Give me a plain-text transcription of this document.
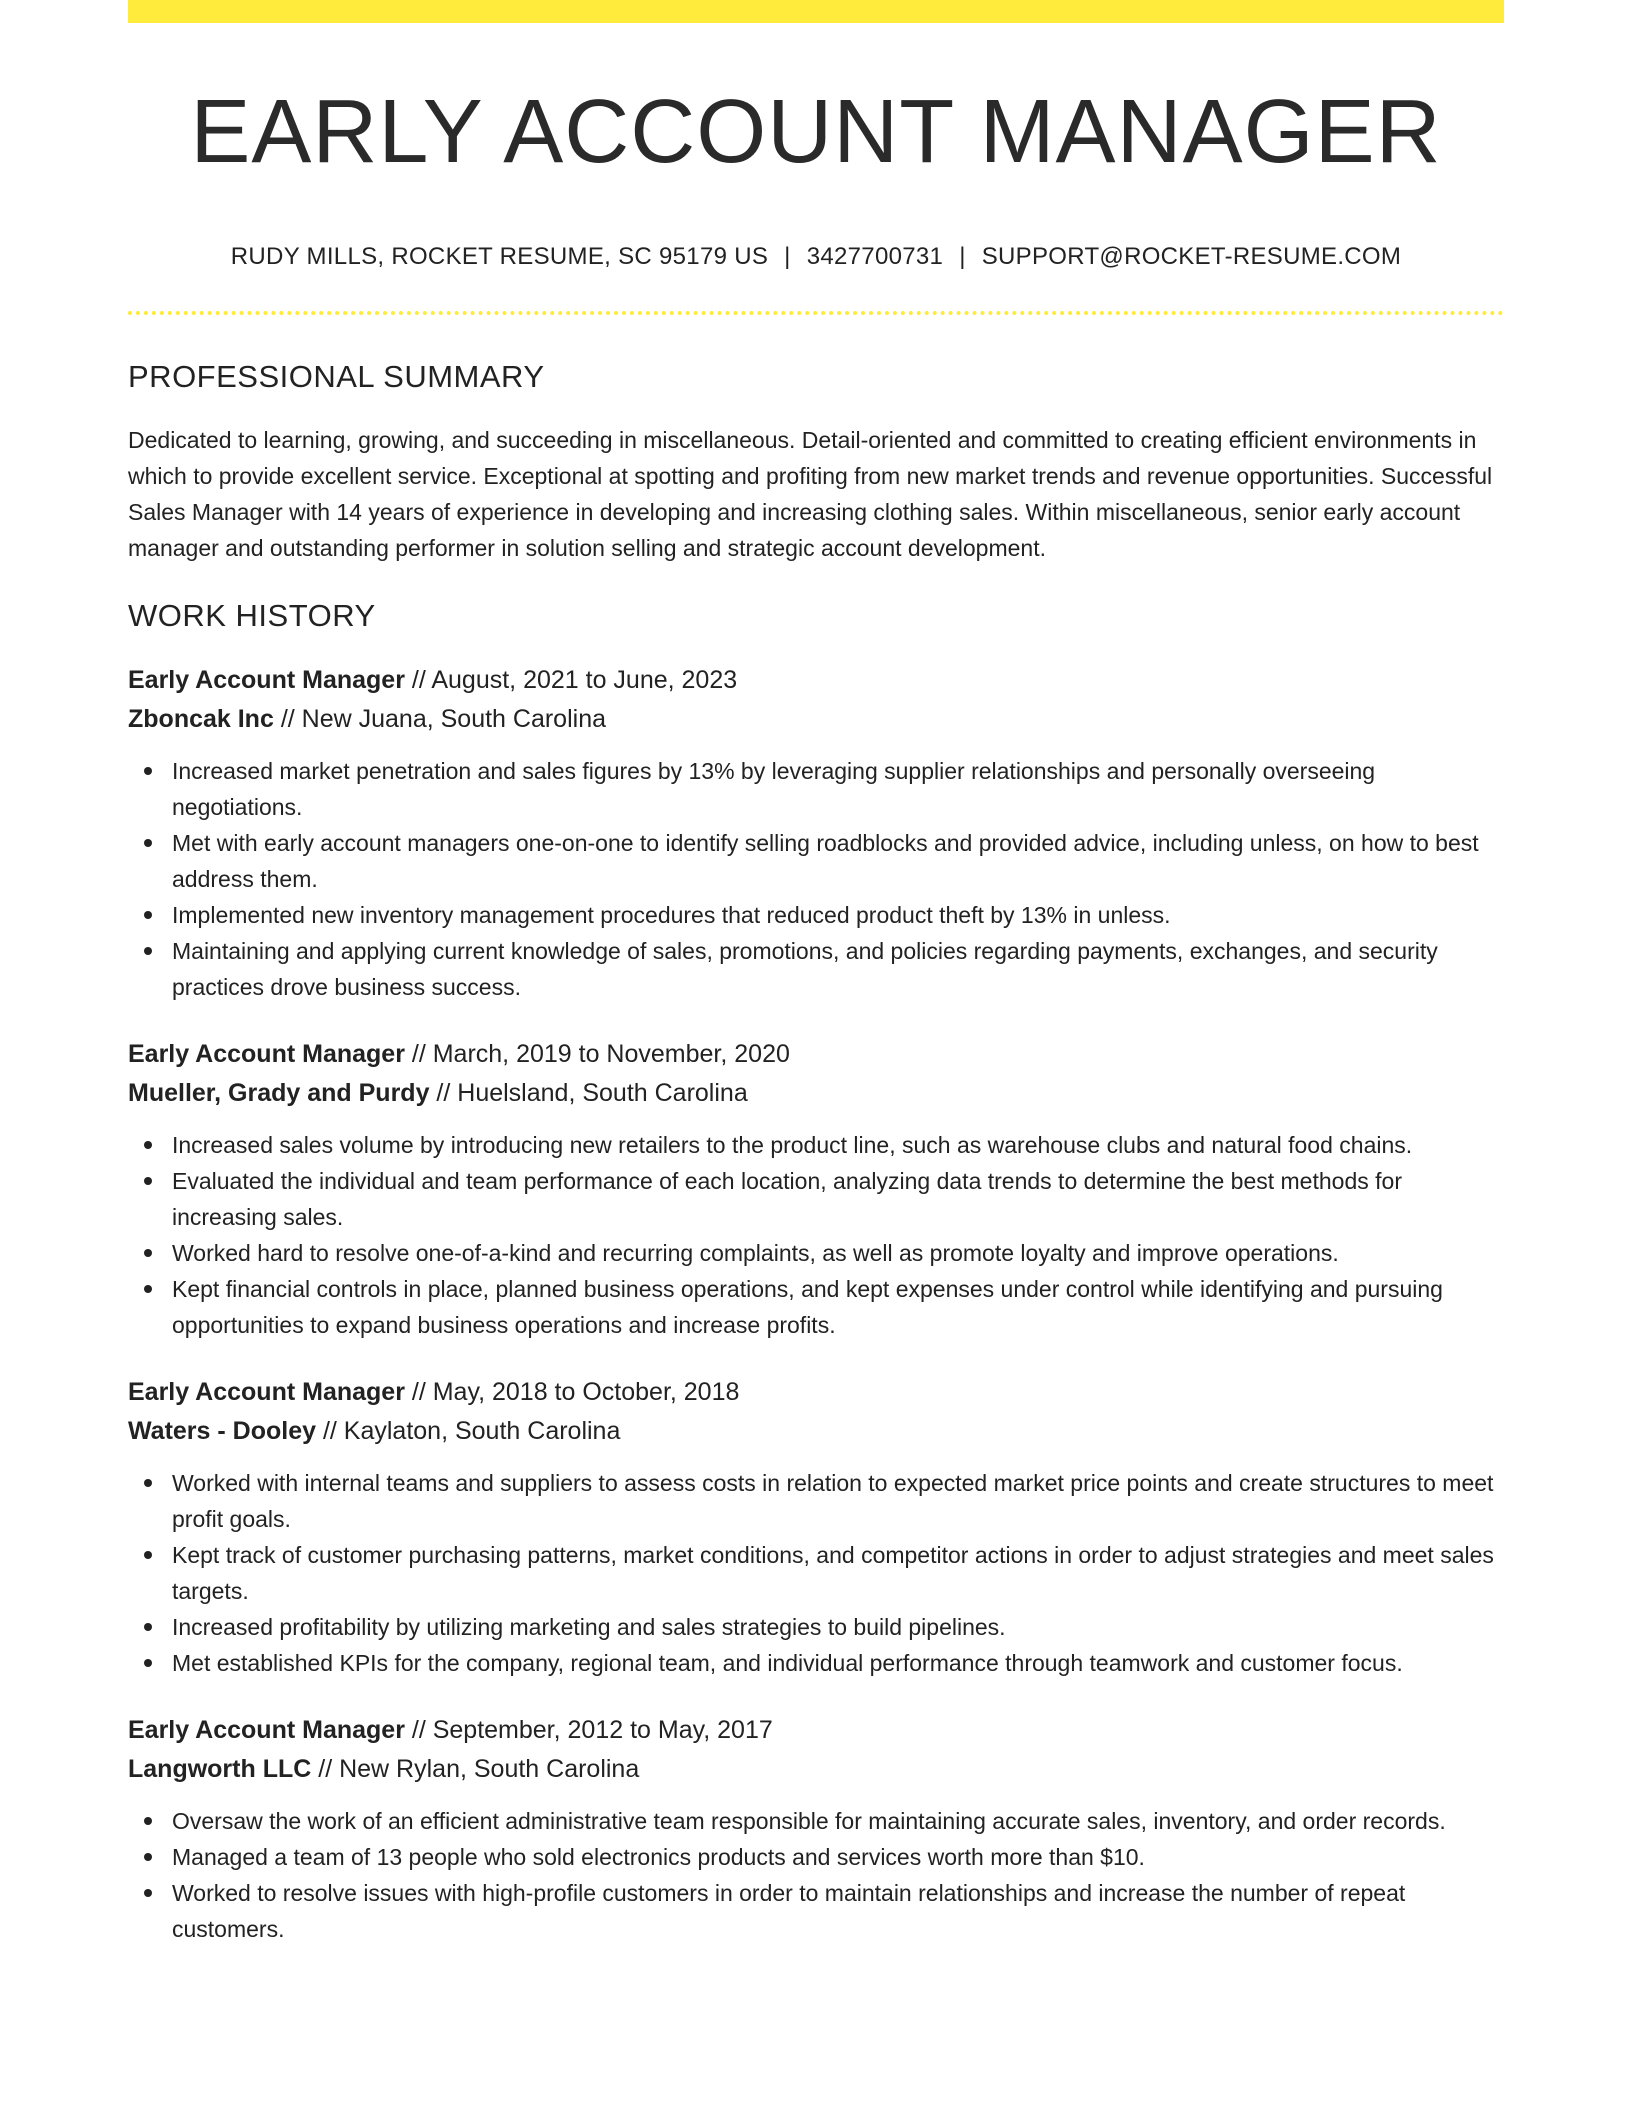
EARLY ACCOUNT MANAGER
RUDY MILLS, ROCKET RESUME, SC 95179 US | 3427700731 | SUPPORT@ROCKET-RESUME.COM
PROFESSIONAL SUMMARY

Dedicated to learning, growing, and succeeding in miscellaneous. Detail-oriented and committed to creating efficient environments in which to provide excellent service. Exceptional at spotting and profiting from new market trends and revenue opportunities. Successful Sales Manager with 14 years of experience in developing and increasing clothing sales. Within miscellaneous, senior early account manager and outstanding performer in solution selling and strategic account development.

WORK HISTORY
Early Account Manager // August, 2021 to June, 2023
Zboncak Inc // New Juana, South Carolina
Increased market penetration and sales figures by 13% by leveraging supplier relationships and personally overseeing negotiations.
Met with early account managers one-on-one to identify selling roadblocks and provided advice, including unless, on how to best address them.
Implemented new inventory management procedures that reduced product theft by 13% in unless.
Maintaining and applying current knowledge of sales, promotions, and policies regarding payments, exchanges, and security practices drove business success.
Early Account Manager // March, 2019 to November, 2020
Mueller, Grady and Purdy // Huelsland, South Carolina
Increased sales volume by introducing new retailers to the product line, such as warehouse clubs and natural food chains.
Evaluated the individual and team performance of each location, analyzing data trends to determine the best methods for increasing sales.
Worked hard to resolve one-of-a-kind and recurring complaints, as well as promote loyalty and improve operations.
Kept financial controls in place, planned business operations, and kept expenses under control while identifying and pursuing opportunities to expand business operations and increase profits.
Early Account Manager // May, 2018 to October, 2018
Waters - Dooley // Kaylaton, South Carolina
Worked with internal teams and suppliers to assess costs in relation to expected market price points and create structures to meet profit goals.
Kept track of customer purchasing patterns, market conditions, and competitor actions in order to adjust strategies and meet sales targets.
Increased profitability by utilizing marketing and sales strategies to build pipelines.
Met established KPIs for the company, regional team, and individual performance through teamwork and customer focus.
Early Account Manager // September, 2012 to May, 2017
Langworth LLC // New Rylan, South Carolina
Oversaw the work of an efficient administrative team responsible for maintaining accurate sales, inventory, and order records.
Managed a team of 13 people who sold electronics products and services worth more than $10.
Worked to resolve issues with high-profile customers in order to maintain relationships and increase the number of repeat customers.
